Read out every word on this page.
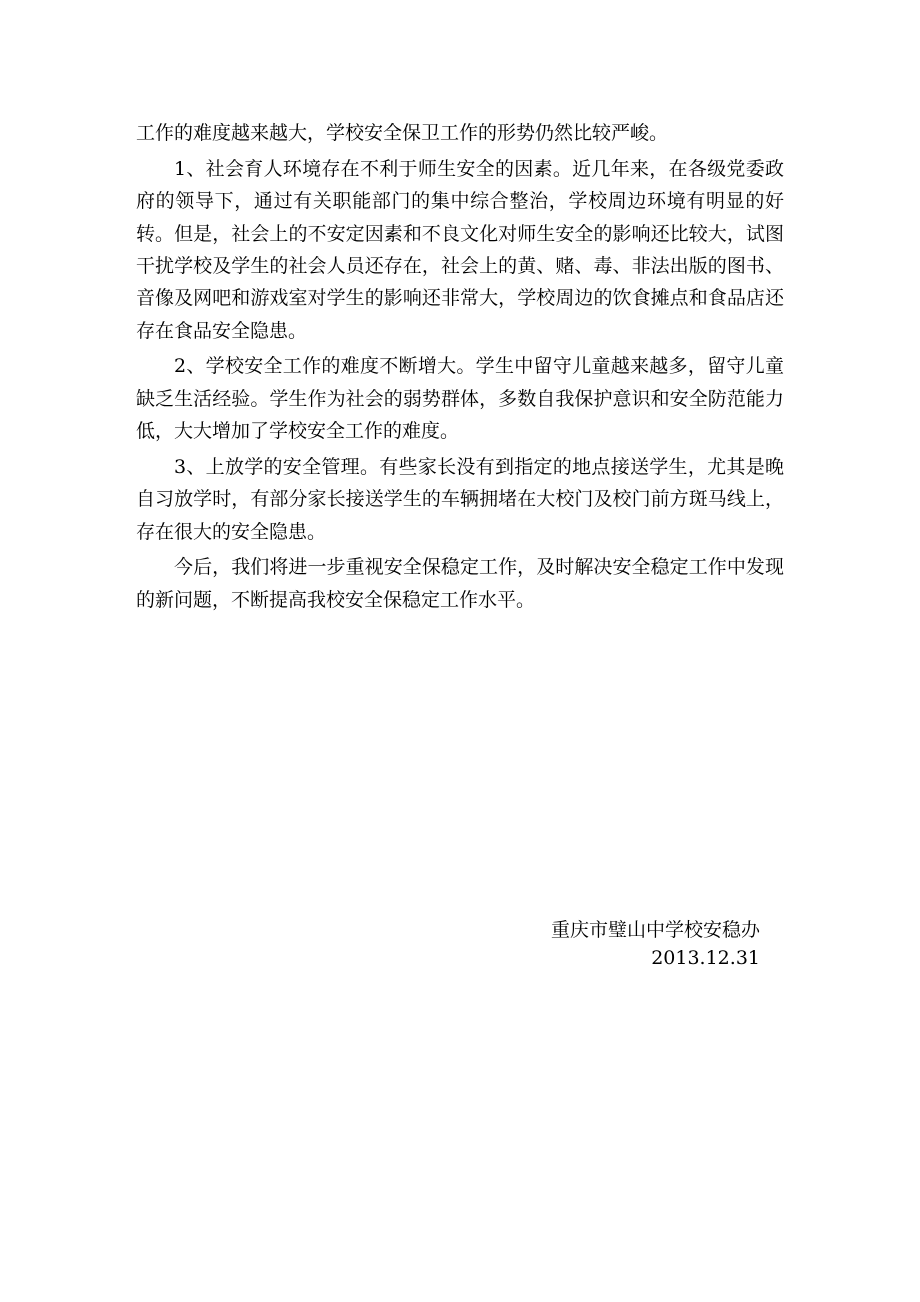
工作的难度越来越大，学校安全保卫工作的形势仍然比较严峻。

1、社会育人环境存在不利于师生安全的因素。近几年来，在各级党委政府的领导下，通过有关职能部门的集中综合整治，学校周边环境有明显的好转。但是，社会上的不安定因素和不良文化对师生安全的影响还比较大，试图干扰学校及学生的社会人员还存在，社会上的黄、赌、毒、非法出版的图书、音像及网吧和游戏室对学生的影响还非常大，学校周边的饮食摊点和食品店还存在食品安全隐患。

2、学校安全工作的难度不断增大。学生中留守儿童越来越多，留守儿童缺乏生活经验。学生作为社会的弱势群体，多数自我保护意识和安全防范能力低，大大增加了学校安全工作的难度。

3、上放学的安全管理。有些家长没有到指定的地点接送学生，尤其是晚自习放学时，有部分家长接送学生的车辆拥堵在大校门及校门前方斑马线上，存在很大的安全隐患。

今后，我们将进一步重视安全保稳定工作，及时解决安全稳定工作中发现的新问题，不断提高我校安全保稳定工作水平。

重庆市璧山中学校安稳办
2013.12.31
